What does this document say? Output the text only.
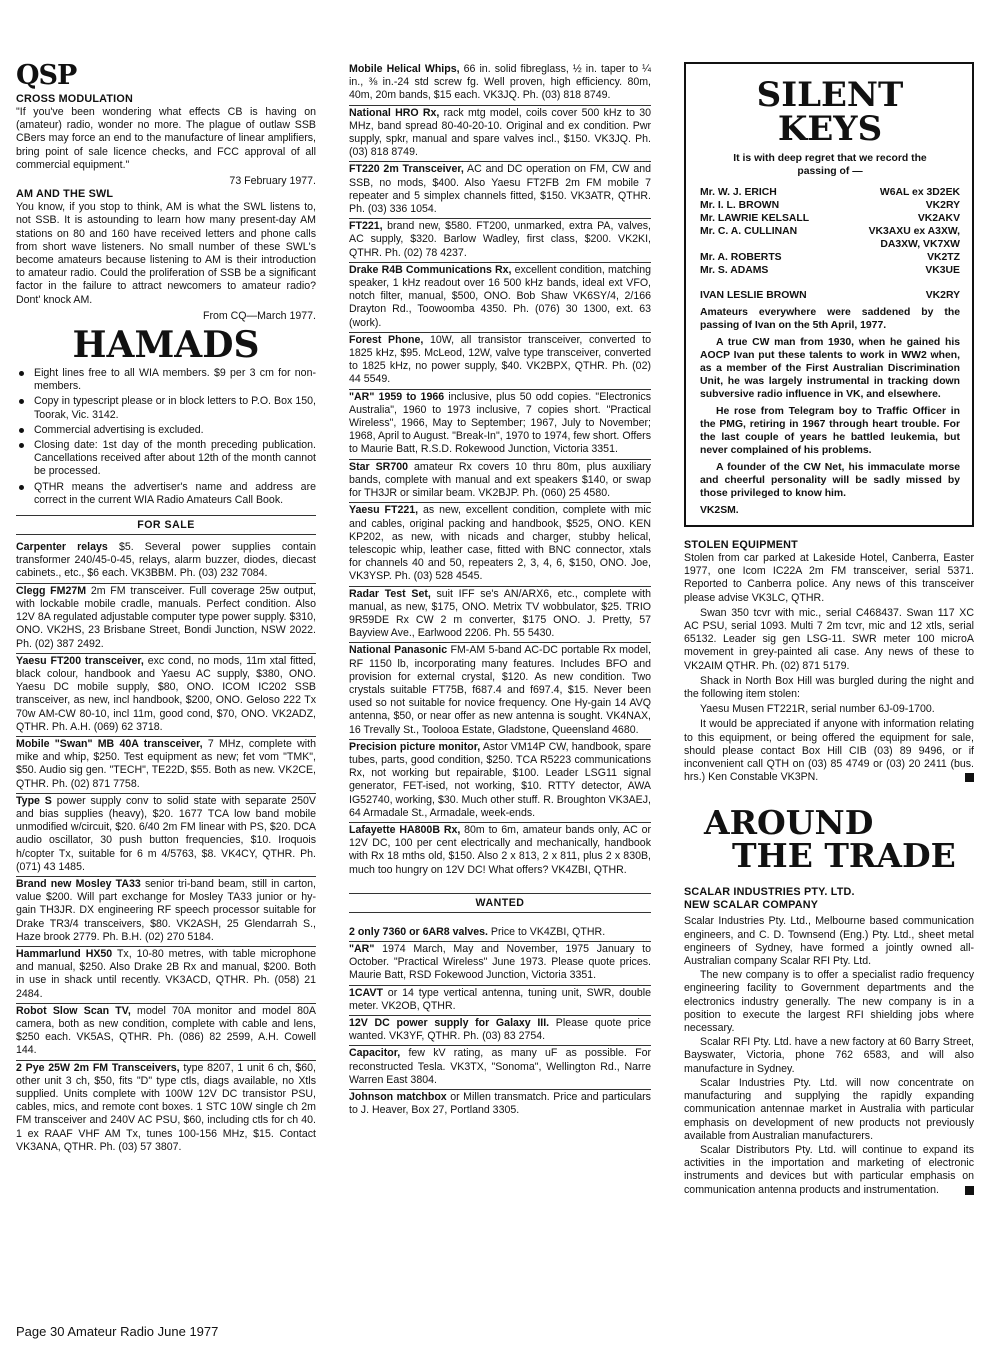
QSP
CROSS MODULATION

"If you've been wondering what effects CB is having on (amateur) radio, wonder no more. The plague of outlaw SSB CBers may force an end to the manufacture of linear amplifiers, bring point of sale licence checks, and FCC approval of all commercial equipment."

73 February 1977.

AM AND THE SWL

You know, if you stop to think, AM is what the SWL listens to, not SSB. It is astounding to learn how many present-day AM stations on 80 and 160 have received letters and phone calls from short wave listeners. No small number of these SWL's become amateurs because listening to AM is their introduction to amateur radio. Could the proliferation of SSB be a significant factor in the failure to attract newcomers to amateur radio? Dont' knock AM.

From CQ—March 1977.

HAMADS
Eight lines free to all WIA members. $9 per 3 cm for non-members.
Copy in typescript please or in block letters to P.O. Box 150, Toorak, Vic. 3142.
Commercial advertising is excluded.
Closing date: 1st day of the month preceding publication. Cancellations received after about 12th of the month cannot be processed.
QTHR means the advertiser's name and address are correct in the current WIA Radio Amateurs Call Book.
FOR SALE

Carpenter relays $5. Several power supplies contain transformer 240/45-0-45, relays, alarm buzzer, diodes, diecast cabinets., etc., $6 each. VK3BBM. Ph. (03) 232 7084.

Clegg FM27M 2m FM transceiver. Full coverage 25w output, with lockable mobile cradle, manuals. Perfect condition. Also 12V 8A regulated adjustable computer type power supply. $310, ONO. VK2HS, 23 Brisbane Street, Bondi Junction, NSW 2022. Ph. (02) 387 2492.

Yaesu FT200 transceiver, exc cond, no mods, 11m xtal fitted, black colour, handbook and Yaesu AC supply, $380, ONO. Yaesu DC mobile supply, $80, ONO. ICOM IC202 SSB transceiver, as new, incl handbook, $200, ONO. Geloso 222 Tx 70w AM-CW 80-10, incl 11m, good cond, $70, ONO. VK2ADZ, QTHR. Ph. A.H. (069) 62 3718.

Mobile "Swan" MB 40A transceiver, 7 MHz, complete with mike and whip, $250. Test equipment as new; fet vom "TMK", $50. Audio sig gen. "TECH", TE22D, $55. Both as new. VK2CE, QTHR. Ph. (02) 871 7758.

Type S power supply conv to solid state with separate 250V and bias supplies (heavy), $20. 1677 TCA low band mobile unmodified w/circuit, $20. 6/40 2m FM linear with PS, $20. DCA audio oscillator, 30 push button frequencies, $10. Iroquois h/copter Tx, suitable for 6 m 4/5763, $8. VK4CY, QTHR. Ph. (071) 43 1485.

Brand new Mosley TA33 senior tri-band beam, still in carton, value $200. Will part exchange for Mosley TA33 junior or hy-gain TH3JR. DX engineering RF speech processor suitable for Drake TR3/4 transceivers, $80. VK2ASH, 25 Glendarrah S., Haze brook 2779. Ph. B.H. (02) 270 5184.

Hammarlund HX50 Tx, 10-80 metres, with table microphone and manual, $250. Also Drake 2B Rx and manual, $200. Both in use in shack until recently. VK3ACD, QTHR. Ph. (058) 21 2484.

Robot Slow Scan TV, model 70A monitor and model 80A camera, both as new condition, complete with cable and lens, $250 each. VK5AS, QTHR. Ph. (086) 82 2599, A.H. Cowell 144.

2 Pye 25W 2m FM Transceivers, type 8207, 1 unit 6 ch, $60, other unit 3 ch, $50, fits "D" type ctls, diags available, no Xtls supplied. Units complete with 100W 12V DC transistor PSU, cables, mics, and remote cont boxes. 1 STC 10W single ch 2m FM transceiver and 240V AC PSU, $60, including ctls for ch 40. 1 ex RAAF VHF AM Tx, tunes 100-156 MHz, $15. Contact VK3ANA, QTHR. Ph. (03) 57 3807.

Mobile Helical Whips, 66 in. solid fibreglass, ½ in. taper to ¼ in., ⅜ in.-24 std screw fg. Well proven, high efficiency. 80m, 40m, 20m bands, $15 each. VK3JQ. Ph. (03) 818 8749.

National HRO Rx, rack mtg model, coils cover 500 kHz to 30 MHz, band spread 80-40-20-10. Original and ex condition. Pwr supply, spkr, manual and spare valves incl., $150. VK3JQ. Ph. (03) 818 8749.

FT220 2m Transceiver, AC and DC operation on FM, CW and SSB, no mods, $400. Also Yaesu FT2FB 2m FM mobile 7 repeater and 5 simplex channels fitted, $150. VK3ATR, QTHR. Ph. (03) 336 1054.

FT221, brand new, $580. FT200, unmarked, extra PA, valves, AC supply, $320. Barlow Wadley, first class, $200. VK2KI, QTHR. Ph. (02) 78 4237.

Drake R4B Communications Rx, excellent condition, matching speaker, 1 kHz readout over 16 500 kHz bands, ideal ext VFO, notch filter, manual, $500, ONO. Bob Shaw VK6SY/4, 2/166 Drayton Rd., Toowoomba 4350. Ph. (076) 30 1300, ext. 63 (work).

Forest Phone, 10W, all transistor transceiver, converted to 1825 kHz, $95. McLeod, 12W, valve type transceiver, converted to 1825 kHz, no power supply, $40. VK2BPX, QTHR. Ph. (02) 44 5549.

"AR" 1959 to 1966 inclusive, plus 50 odd copies. "Electronics Australia", 1960 to 1973 inclusive, 7 copies short. "Practical Wireless", 1966, May to September; 1967, July to November; 1968, April to August. "Break-In", 1970 to 1974, few short. Offers to Maurie Batt, R.S.D. Rokewood Junction, Victoria 3351.

Star SR700 amateur Rx covers 10 thru 80m, plus auxiliary bands, complete with manual and ext speakers $140, or swap for TH3JR or similar beam. VK2BJP. Ph. (060) 25 4580.

Yaesu FT221, as new, excellent condition, complete with mic and cables, original packing and handbook, $525, ONO. KEN KP202, as new, with nicads and charger, stubby helical, telescopic whip, leather case, fitted with BNC connector, xtals for channels 40 and 50, repeaters 2, 3, 4, 6, $150, ONO. Joe, VK3YSP. Ph. (03) 528 4545.

Radar Test Set, suit IFF se's AN/ARX6, etc., complete with manual, as new, $175, ONO. Metrix TV wobbulator, $25. TRIO 9R59DE Rx CW 2 m converter, $175 ONO. J. Pretty, 57 Bayview Ave., Earlwood 2206. Ph. 55 5430.

National Panasonic FM-AM 5-band AC-DC portable Rx model, RF 1150 lb, incorporating many features. Includes BFO and provision for external crystal, $120. As new condition. Two crystals suitable FT75B, f687.4 and f697.4, $15. Never been used so not suitable for novice frequency. One Hy-gain 14 AVQ antenna, $50, or near offer as new antenna is sought. VK4NAX, 16 Trevally St., Toolooa Estate, Gladstone, Queensland 4680.

Precision picture monitor, Astor VM14P CW, handbook, spare tubes, parts, good condition, $250. TCA R5223 communications Rx, not working but repairable, $100. Leader LSG11 signal generator, FET-ised, not working, $10. RTTY detector, AWA IG52740, working, $30. Much other stuff. R. Broughton VK3AEJ, 64 Armadale St., Armadale, week-ends.

Lafayette HA800B Rx, 80m to 6m, amateur bands only, AC or 12V DC, 100 per cent electrically and mechanically, handbook with Rx 18 mths old, $150. Also 2 x 813, 2 x 811, plus 2 x 830B, much too hungry on 12V DC! What offers? VK4ZBI, QTHR.

WANTED

2 only 7360 or 6AR8 valves. Price to VK4ZBI, QTHR.

"AR" 1974 March, May and November, 1975 January to October. "Practical Wireless" June 1973. Please quote prices. Maurie Batt, RSD Fokewood Junction, Victoria 3351.

1CAVT or 14 type vertical antenna, tuning unit, SWR, double meter. VK2OB, QTHR.

12V DC power supply for Galaxy III. Please quote price wanted. VK3YF, QTHR. Ph. (03) 83 2754.

Capacitor, few kV rating, as many uF as possible. For reconstructed Tesla. VK3TX, "Sonoma", Wellington Rd., Narre Warren East 3804.

Johnson matchbox or Millen transmatch. Price and particulars to J. Heaver, Box 27, Portland 3305.

SILENT KEYS
It is with deep regret that we record the passing of —
Mr. W. J. ERICH	W6AL ex 3D2EK
Mr. I. L. BROWN	VK2RY
Mr. LAWRIE KELSALL	VK2AKV
Mr. C. A. CULLINAN	VK3AXU ex A3XW,
DA3XW, VK7XW
Mr. A. ROBERTS	VK2TZ
Mr. S. ADAMS	VK3UE
IVAN LESLIE BROWN	VK2RY
Amateurs everywhere were saddened by the passing of Ivan on the 5th April, 1977.
A true CW man from 1930, when he gained his AOCP Ivan put these talents to work in WW2 when, as a member of the First Australian Discrimination Unit, he was largely instrumental in tracking down subversive radio influence in VK, and elsewhere.
He rose from Telegram boy to Traffic Officer in the PMG, retiring in 1967 through heart trouble. For the last couple of years he battled leukemia, but never complained of his problems.
A founder of the CW Net, his immaculate morse and cheerful personality will be sadly missed by those privileged to know him.
VK2SM.
STOLEN EQUIPMENT

Stolen from car parked at Lakeside Hotel, Canberra, Easter 1977, one Icom IC22A 2m FM transceiver, serial 5371. Reported to Canberra police. Any news of this transceiver please advise VK3LC, QTHR.

Swan 350 tcvr with mic., serial C468437. Swan 117 XC AC PSU, serial 1093. Multi 7 2m tcvr, mic and 12 xtls, serial 65132. Leader sig gen LSG-11. SWR meter 100 microA movement in grey-painted ali case. Any news of these to VK2AIM QTHR. Ph. (02) 871 5179.

Shack in North Box Hill was burgled during the night and the following item stolen:

Yaesu Musen FT221R, serial number 6J-09-1700.

It would be appreciated if anyone with information relating to this equipment, or being offered the equipment for sale, should please contact Box Hill CIB (03) 89 9496, or if inconvenient call QTH on (03) 85 4749 or (03) 20 2411 (bus. hrs.) Ken Constable VK3PN.

AROUND
THE TRADE
SCALAR INDUSTRIES PTY. LTD.
NEW SCALAR COMPANY

Scalar Industries Pty. Ltd., Melbourne based communication engineers, and C. D. Townsend (Eng.) Pty. Ltd., sheet metal engineers of Sydney, have formed a jointly owned all-Australian company Scalar RFI Pty. Ltd.

The new company is to offer a specialist radio frequency engineering facility to Government departments and the electronics industry generally. The new company is in a position to execute the largest RFI shielding jobs where necessary.

Scalar RFI Pty. Ltd. have a new factory at 60 Barry Street, Bayswater, Victoria, phone 762 6583, and will also manufacture in Sydney.

Scalar Industries Pty. Ltd. will now concentrate on manufacturing and supplying the rapidly expanding communication antennae market in Australia with particular emphasis on development of new products not previously available from Australian manufacturers.

Scalar Distributors Pty. Ltd. will continue to expand its activities in the importation and marketing of electronic instruments and devices but with particular emphasis on communication antenna products and instrumentation.

Page 30 Amateur Radio June 1977
